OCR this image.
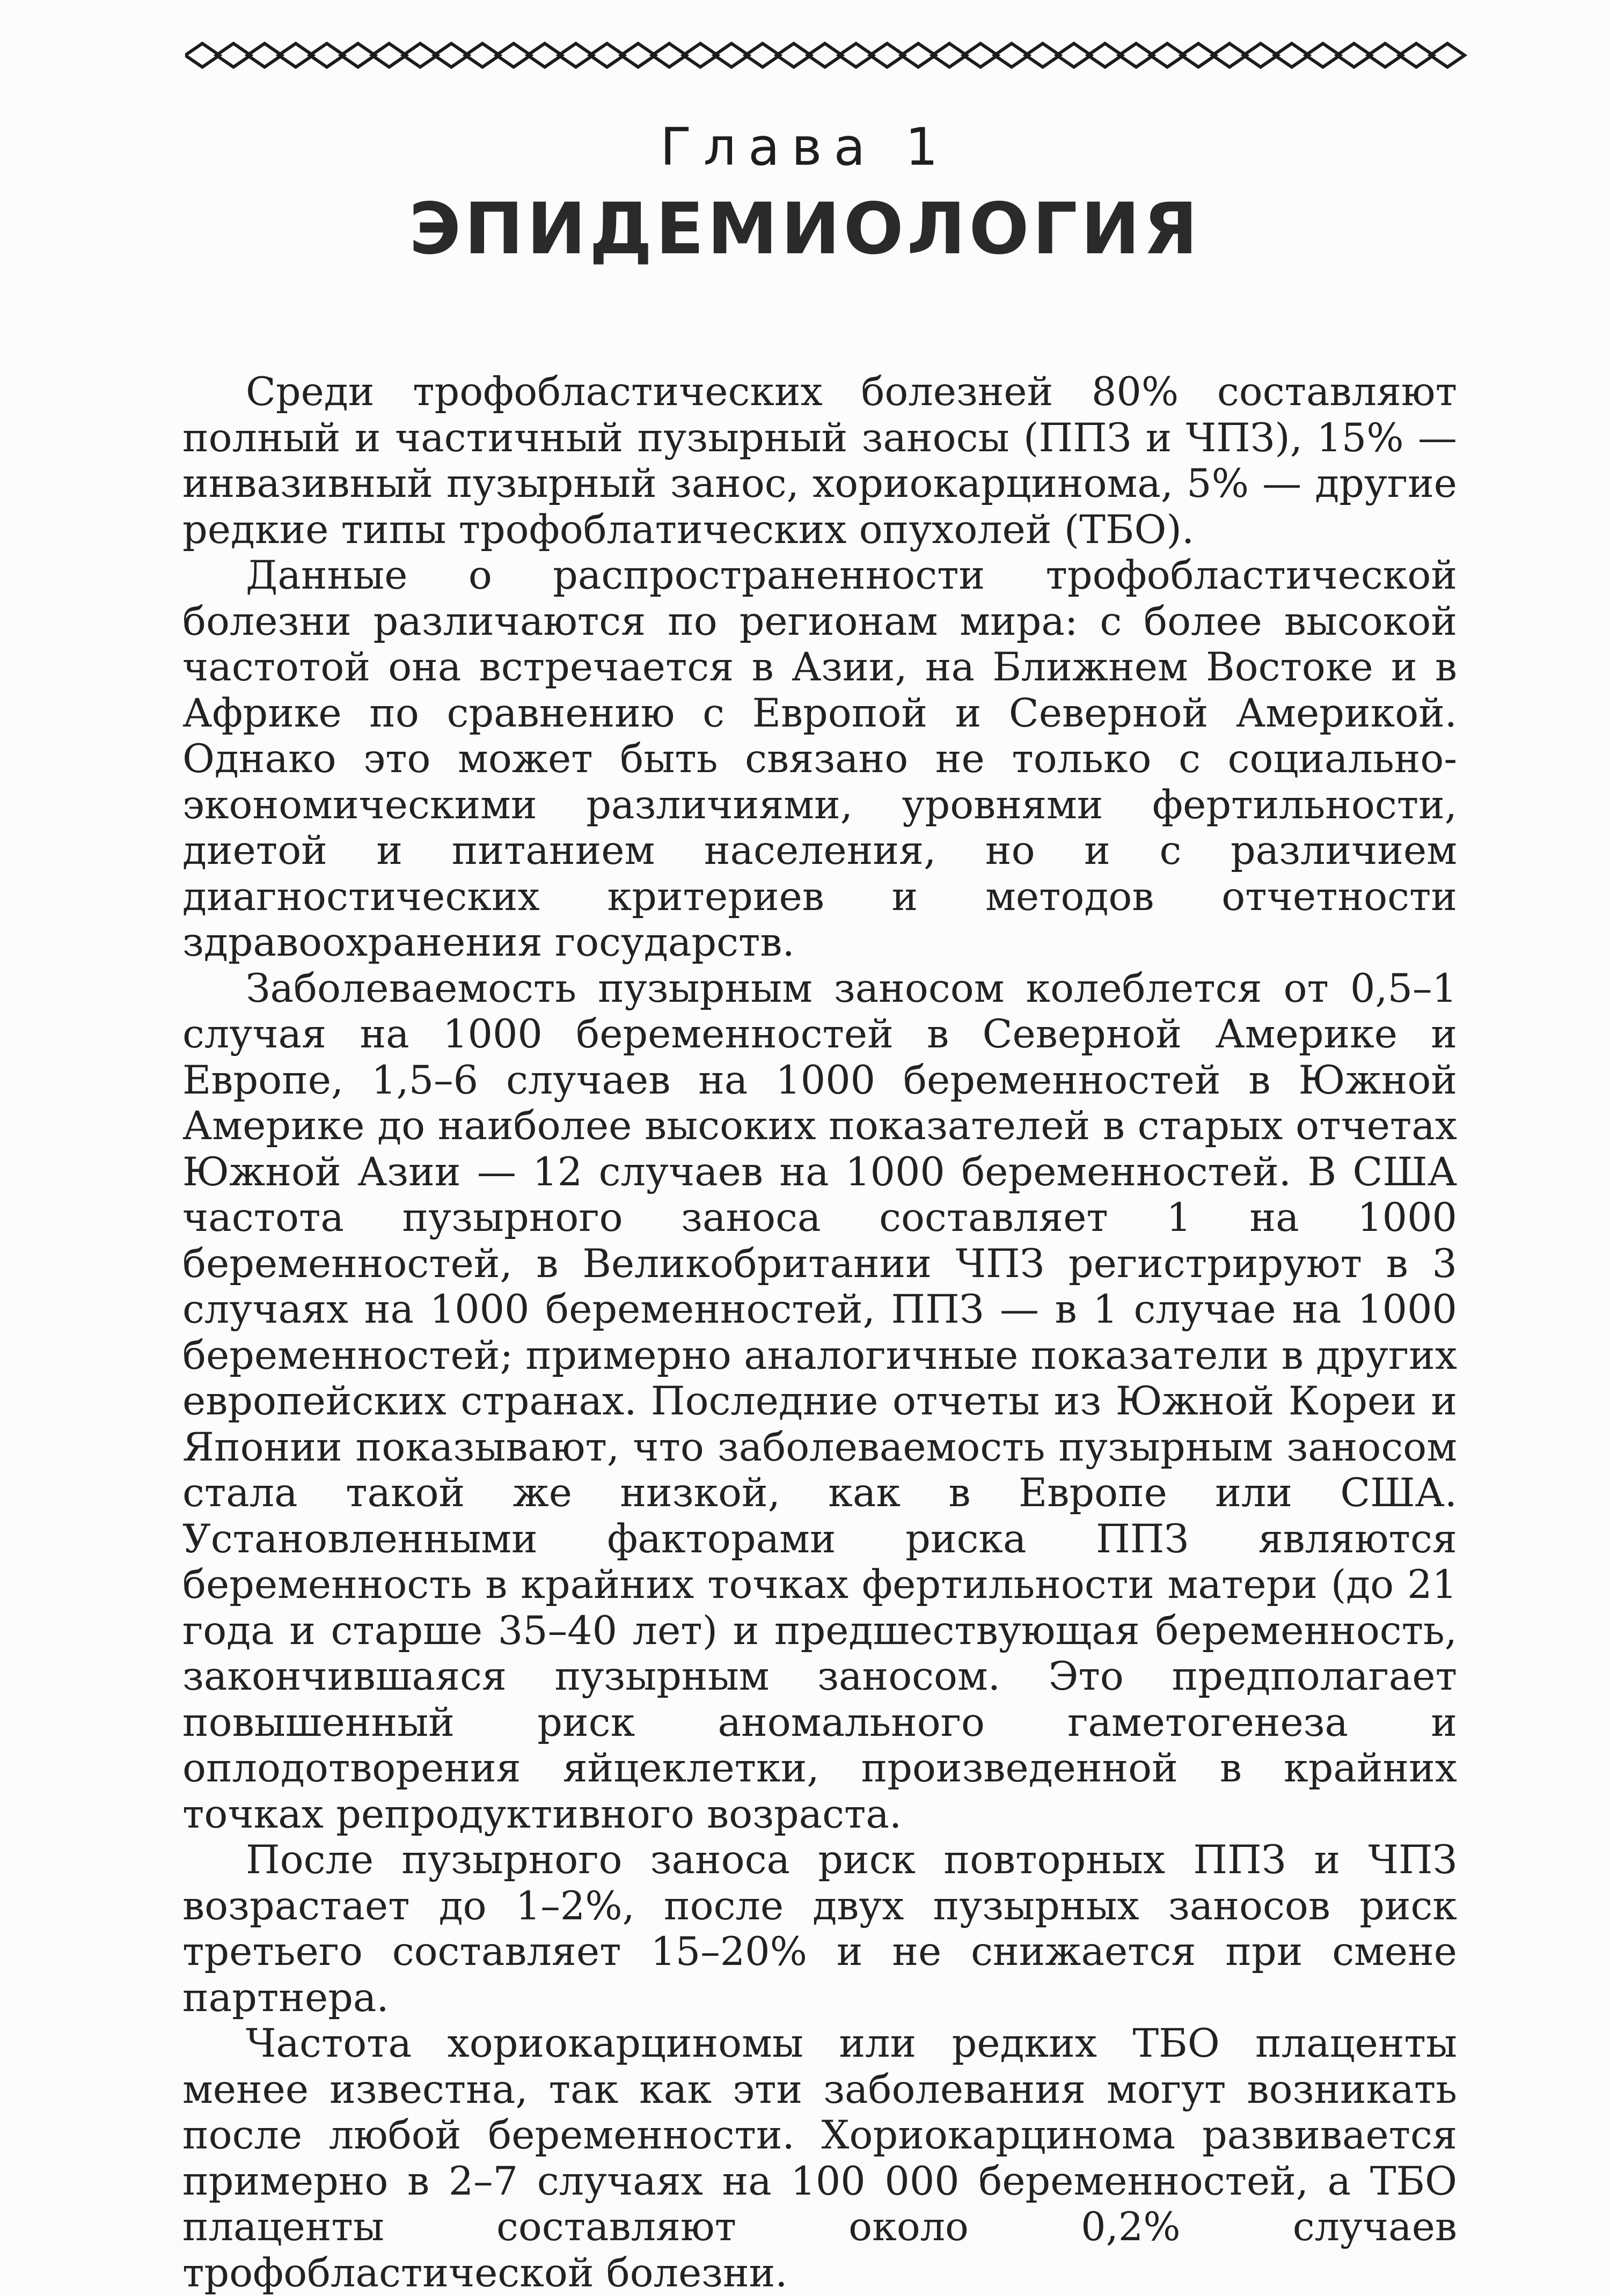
Глава 1
ЭПИДЕМИОЛОГИЯ

Среди трофобластических болезней 80% составляют полный и частичный пузырный заносы (ППЗ и ЧПЗ), 15% — инвазивный пузырный занос, хориокарцинома, 5% — другие редкие типы трофоблатических опухолей (ТБО).

Данные о распространенности трофобластической болезни различаются по регионам мира: с более высокой частотой она встречается в Азии, на Ближнем Востоке и в Африке по сравнению с Европой и Северной Америкой. Однако это может быть связано не только с социально-экономическими различиями, уровнями фертильности, диетой и питанием населения, но и с различием диагностических критериев и методов отчетности здравоохранения государств.

Заболеваемость пузырным заносом колеблется от 0,5–1 случая на 1000 беременностей в Северной Америке и Европе, 1,5–6 случаев на 1000 беременностей в Южной Америке до наиболее высоких показателей в старых отчетах Южной Азии — 12 случаев на 1000 беременностей. В США частота пузырного заноса составляет 1 на 1000 беременностей, в Великобритании ЧПЗ регистрируют в 3 случаях на 1000 беременностей, ППЗ — в 1 случае на 1000 беременностей; примерно аналогичные показатели в других европейских странах. Последние отчеты из Южной Кореи и Японии показывают, что заболеваемость пузырным заносом стала такой же низкой, как в Европе или США. Установленными факторами риска ППЗ являются беременность в крайних точках фертильности матери (до 21 года и старше 35–40 лет) и предшествующая беременность, закончившаяся пузырным заносом. Это предполагает повышенный риск аномального гаметогенеза и оплодотворения яйцеклетки, произведенной в крайних точках репродуктивного возраста.

После пузырного заноса риск повторных ППЗ и ЧПЗ возрастает до 1–2%, после двух пузырных заносов риск третьего составляет 15–20% и не снижается при смене партнера.

Частота хориокарциномы или редких ТБО плаценты менее известна, так как эти заболевания могут возникать после любой беременности. Хориокарцинома развивается примерно в 2–7 случаях на 100 000 беременностей, а ТБО плаценты составляют около 0,2% случаев трофобластической болезни.
